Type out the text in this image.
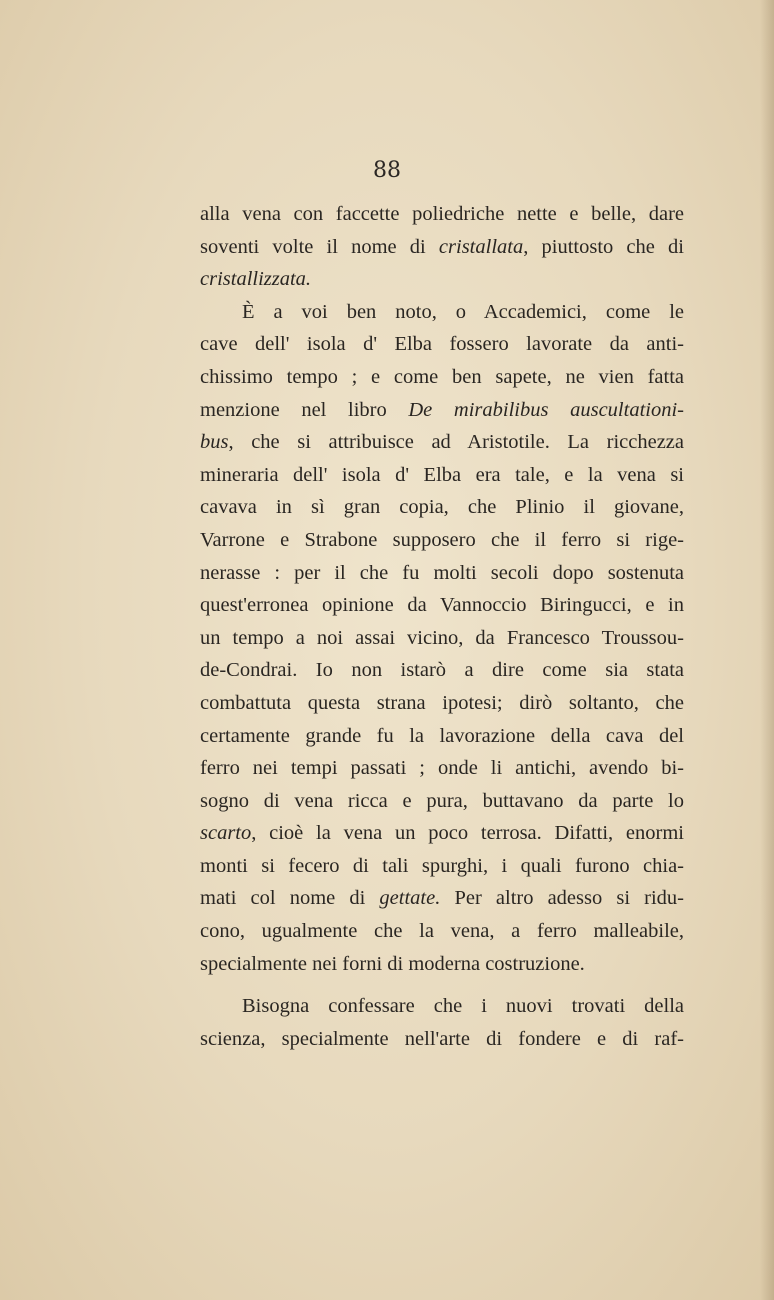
88
alla vena con faccette poliedriche nette e belle, dare
soventi volte il nome di cristallata, piuttosto che di
cristallizzata.
È a voi ben noto, o Accademici, come le
cave dell' isola d' Elba fossero lavorate da anti-
chissimo tempo ; e come ben sapete, ne vien fatta
menzione nel libro De mirabilibus auscultationi-
bus, che si attribuisce ad Aristotile. La ricchezza
mineraria dell' isola d' Elba era tale, e la vena si
cavava in sì gran copia, che Plinio il giovane,
Varrone e Strabone supposero che il ferro si rige-
nerasse : per il che fu molti secoli dopo sostenuta
quest'erronea opinione da Vannoccio Biringucci, e in
un tempo a noi assai vicino, da Francesco Troussou-
de-Condrai. Io non istarò a dire come sia stata
combattuta questa strana ipotesi; dirò soltanto, che
certamente grande fu la lavorazione della cava del
ferro nei tempi passati ; onde li antichi, avendo bi-
sogno di vena ricca e pura, buttavano da parte lo
scarto, cioè la vena un poco terrosa. Difatti, enormi
monti si fecero di tali spurghi, i quali furono chia-
mati col nome di gettate. Per altro adesso si ridu-
cono, ugualmente che la vena, a ferro malleabile,
specialmente nei forni di moderna costruzione.
Bisogna confessare che i nuovi trovati della
scienza, specialmente nell'arte di fondere e di raf-
